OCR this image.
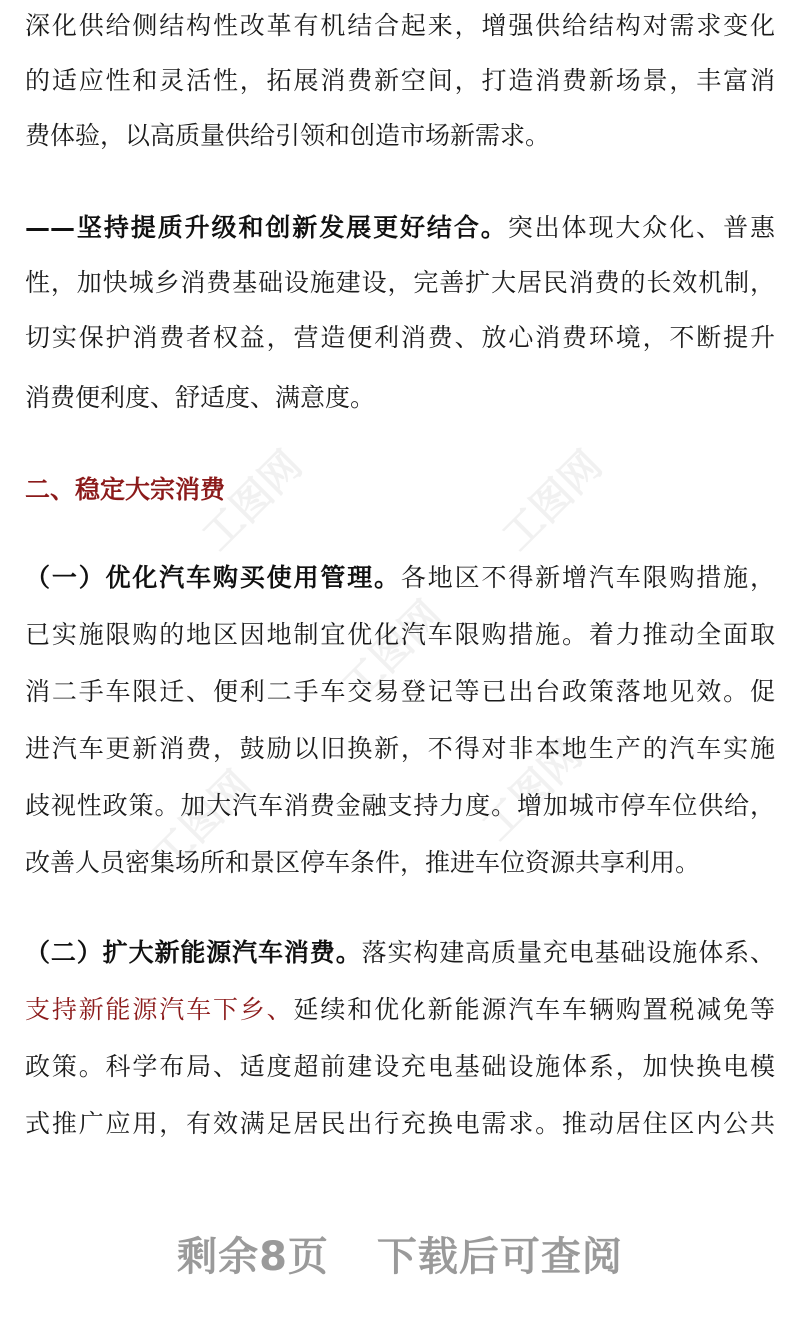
工图网	工图网
工图网
工图网	工图网
深化供给侧结构性改革有机结合起来，增强供给结构对需求变化
的适应性和灵活性，拓展消费新空间，打造消费新场景，丰富消
费体验，以高质量供给引领和创造市场新需求。
——坚持提质升级和创新发展更好结合。突出体现大众化、普惠
性，加快城乡消费基础设施建设，完善扩大居民消费的长效机制，
切实保护消费者权益，营造便利消费、放心消费环境，不断提升
消费便利度、舒适度、满意度。
二、稳定大宗消费
（一）优化汽车购买使用管理。各地区不得新增汽车限购措施，
已实施限购的地区因地制宜优化汽车限购措施。着力推动全面取
消二手车限迁、便利二手车交易登记等已出台政策落地见效。促
进汽车更新消费，鼓励以旧换新，不得对非本地生产的汽车实施
歧视性政策。加大汽车消费金融支持力度。增加城市停车位供给，
改善人员密集场所和景区停车条件，推进车位资源共享利用。
（二）扩大新能源汽车消费。落实构建高质量充电基础设施体系、
支持新能源汽车下乡、延续和优化新能源汽车车辆购置税减免等
政策。科学布局、适度超前建设充电基础设施体系，加快换电模
式推广应用，有效满足居民出行充换电需求。推动居住区内公共
剩余8页 下载后可查阅
